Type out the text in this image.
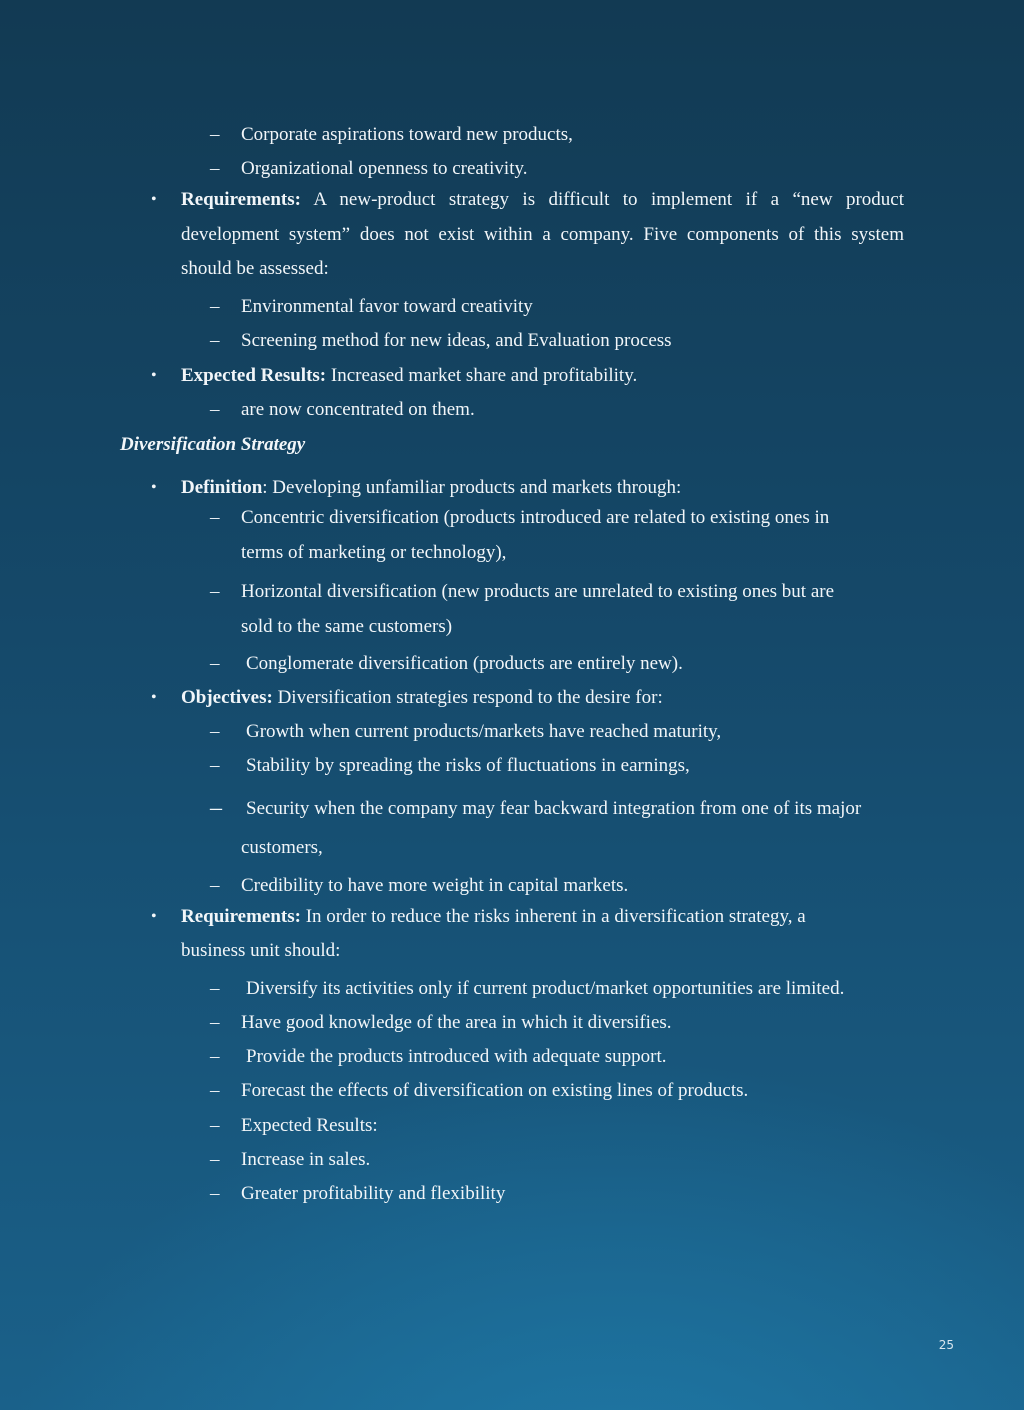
– Corporate aspirations toward new products,
– Organizational openness to creativity.
• Requirements: A new-product strategy is difficult to implement if a “new product
development system” does not exist within a company. Five components of this system
should be assessed:
– Environmental favor toward creativity
– Screening method for new ideas, and Evaluation process
• Expected Results: Increased market share and profitability.
– are now concentrated on them.
Diversification Strategy
• Definition: Developing unfamiliar products and markets through:
– Concentric diversification (products introduced are related to existing ones in
terms of marketing or technology),
– Horizontal diversification (new products are unrelated to existing ones but are
sold to the same customers)
– Conglomerate diversification (products are entirely new).
• Objectives: Diversification strategies respond to the desire for:
– Growth when current products/markets have reached maturity,
– Stability by spreading the risks of fluctuations in earnings,
– Security when the company may fear backward integration from one of its major
customers,
– Credibility to have more weight in capital markets.
• Requirements: In order to reduce the risks inherent in a diversification strategy, a
business unit should:
– Diversify its activities only if current product/market opportunities are limited.
– Have good knowledge of the area in which it diversifies.
– Provide the products introduced with adequate support.
– Forecast the effects of diversification on existing lines of products.
– Expected Results:
– Increase in sales.
– Greater profitability and flexibility
25
